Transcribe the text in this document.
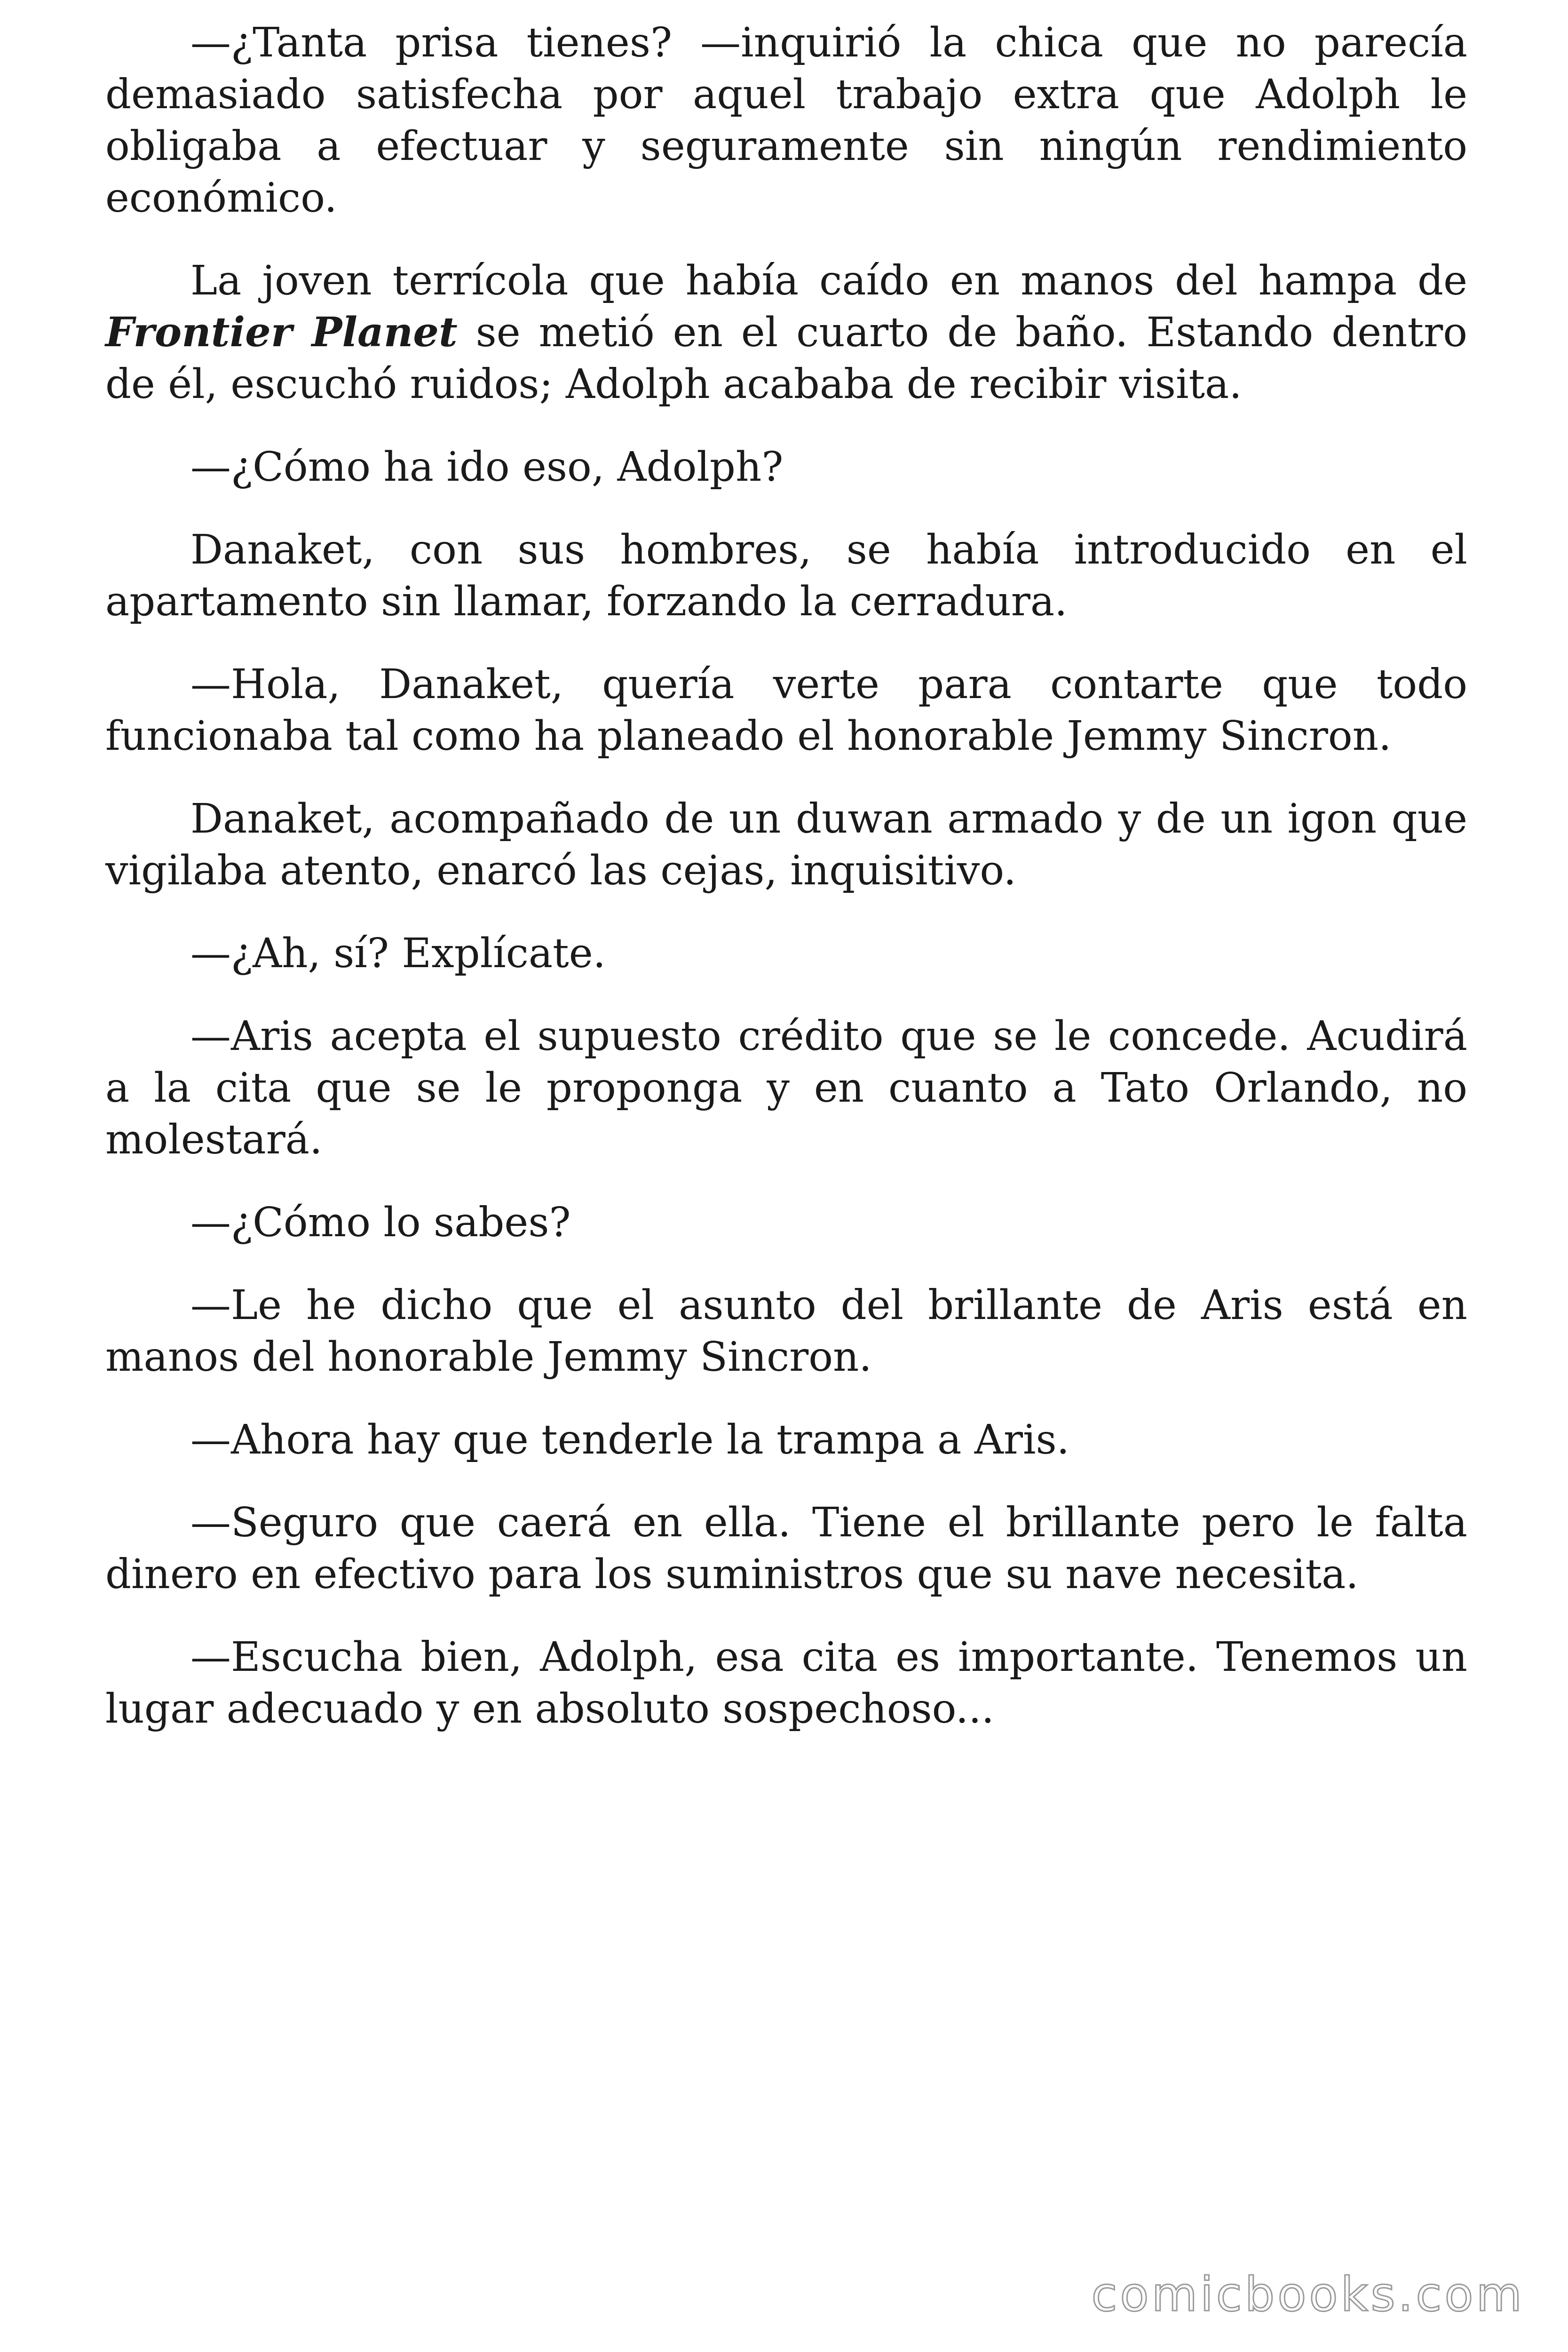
—¿Tanta prisa tienes? —inquirió la chica que no parecía demasiado satisfecha por aquel trabajo extra que Adolph le obligaba a efectuar y seguramente sin ningún rendimiento económico.

La joven terrícola que había caído en manos del hampa de Frontier Planet se metió en el cuarto de baño. Estando dentro de él, escuchó ruidos; Adolph acababa de recibir visita.

—¿Cómo ha ido eso, Adolph?

Danaket, con sus hombres, se había introducido en el apartamento sin llamar, forzando la cerradura.

—Hola, Danaket, quería verte para contarte que todo funcionaba tal como ha planeado el honorable Jemmy Sincron.

Danaket, acompañado de un duwan armado y de un igon que vigilaba atento, enarcó las cejas, inquisitivo.

—¿Ah, sí? Explícate.

—Aris acepta el supuesto crédito que se le concede. Acudirá a la cita que se le proponga y en cuanto a Tato Orlando, no molestará.

—¿Cómo lo sabes?

—Le he dicho que el asunto del brillante de Aris está en manos del honorable Jemmy Sincron.

—Ahora hay que tenderle la trampa a Aris.

—Seguro que caerá en ella. Tiene el brillante pero le falta dinero en efectivo para los suministros que su nave necesita.

—Escucha bien, Adolph, esa cita es importante. Tenemos un lugar adecuado y en absoluto sospechoso...

comicbooks.com
